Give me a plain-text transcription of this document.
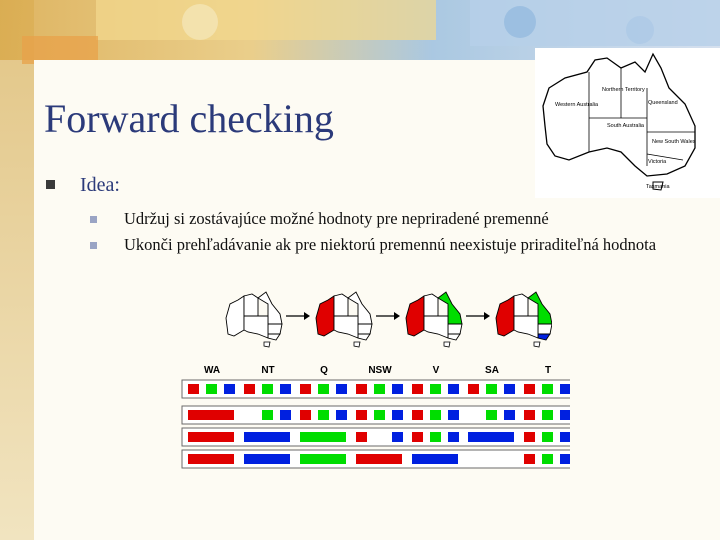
Forward checking
Northern Territory
Western Australia	Queensland
South Australia
New South Wales
Victoria
Tasmania
Idea:
Udržuj si zostávajúce možné hodnoty pre nepriradené premenné
Ukonči prehľadávanie ak pre niektorú premennú neexistuje priraditeľná hodnota
WA	NT	Q	NSW	V	SA	T
